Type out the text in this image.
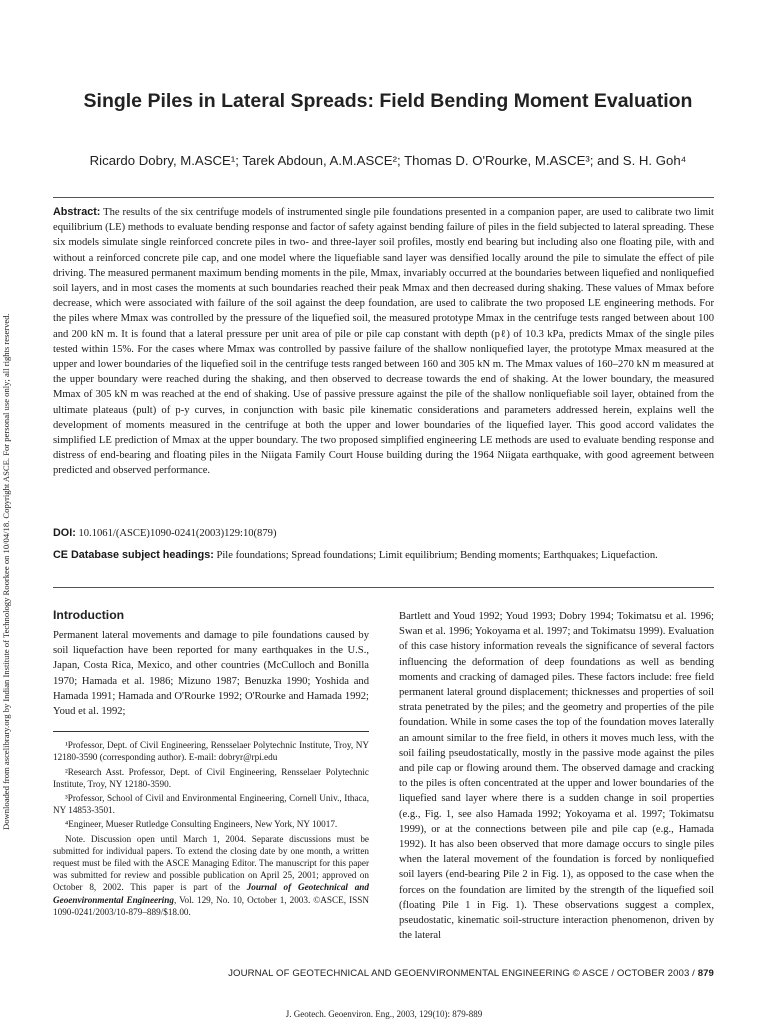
Downloaded from ascelibrary.org by Indian Institute of Technology Roorkee on 10/04/18. Copyright ASCE. For personal use only; all rights reserved.
Single Piles in Lateral Spreads: Field Bending Moment Evaluation
Ricardo Dobry, M.ASCE¹; Tarek Abdoun, A.M.ASCE²; Thomas D. O'Rourke, M.ASCE³; and S. H. Goh⁴

Abstract: The results of the six centrifuge models of instrumented single pile foundations presented in a companion paper, are used to calibrate two limit equilibrium (LE) methods to evaluate bending response and factor of safety against bending failure of piles in the field subjected to lateral spreading. These six models simulate single reinforced concrete piles in two- and three-layer soil profiles, mostly end bearing but including also one floating pile, with and without a reinforced concrete pile cap, and one model where the liquefiable sand layer was densified locally around the pile to simulate the effect of pile driving. The measured permanent maximum bending moments in the pile, Mmax, invariably occurred at the boundaries between liquefied and nonliquefied soil layers, and in most cases the moments at such boundaries reached their peak Mmax and then decreased during shaking. These values of Mmax before decrease, which were associated with failure of the soil against the deep foundation, are used to calibrate the two proposed LE engineering methods. For the piles where Mmax was controlled by the pressure of the liquefied soil, the measured prototype Mmax in the centrifuge tests ranged between about 100 and 200 kN m. It is found that a lateral pressure per unit area of pile or pile cap constant with depth (pℓ) of 10.3 kPa, predicts Mmax of the single piles tested within 15%. For the cases where Mmax was controlled by passive failure of the shallow nonliquefied layer, the prototype Mmax measured at the upper and lower boundaries of the liquefied soil in the centrifuge tests ranged between 160 and 305 kN m. The Mmax values of 160–270 kN m measured at the upper boundary were reached during the shaking, and then observed to decrease towards the end of shaking. At the lower boundary, the measured Mmax of 305 kN m was reached at the end of shaking. Use of passive pressure against the pile of the shallow nonliquefiable soil layer, obtained from the ultimate plateaus (pult) of p-y curves, in conjunction with basic pile kinematic considerations and parameters addressed herein, explains well the development of moments measured in the centrifuge at both the upper and lower boundaries of the liquefied layer. This good accord validates the simplified LE prediction of Mmax at the upper boundary. The two proposed simplified engineering LE methods are used to evaluate bending response and distress of end-bearing and floating piles in the Niigata Family Court House building during the 1964 Niigata earthquake, with good agreement between predicted and observed performance.

DOI: 10.1061/(ASCE)1090-0241(2003)129:10(879)

CE Database subject headings: Pile foundations; Spread foundations; Limit equilibrium; Bending moments; Earthquakes; Liquefaction.

Introduction

Permanent lateral movements and damage to pile foundations caused by soil liquefaction have been reported for many earthquakes in the U.S., Japan, Costa Rica, Mexico, and other countries (McCulloch and Bonilla 1970; Hamada et al. 1986; Mizuno 1987; Benuzka 1990; Yoshida and Hamada 1991; Hamada and O'Rourke 1992; O'Rourke and Hamada 1992; Youd et al. 1992;

¹Professor, Dept. of Civil Engineering, Rensselaer Polytechnic Institute, Troy, NY 12180-3590 (corresponding author). E-mail: dobryr@rpi.edu

²Research Asst. Professor, Dept. of Civil Engineering, Rensselaer Polytechnic Institute, Troy, NY 12180-3590.

³Professor, School of Civil and Environmental Engineering, Cornell Univ., Ithaca, NY 14853-3501.

⁴Engineer, Mueser Rutledge Consulting Engineers, New York, NY 10017.

Note. Discussion open until March 1, 2004. Separate discussions must be submitted for individual papers. To extend the closing date by one month, a written request must be filed with the ASCE Managing Editor. The manuscript for this paper was submitted for review and possible publication on April 25, 2001; approved on October 8, 2002. This paper is part of the Journal of Geotechnical and Geoenvironmental Engineering, Vol. 129, No. 10, October 1, 2003. ©ASCE, ISSN 1090-0241/2003/10-879–889/$18.00.

Bartlett and Youd 1992; Youd 1993; Dobry 1994; Tokimatsu et al. 1996; Swan et al. 1996; Yokoyama et al. 1997; and Tokimatsu 1999). Evaluation of this case history information reveals the significance of several factors influencing the deformation of deep foundations as well as bending moments and cracking of damaged piles. These factors include: free field permanent lateral ground displacement; thicknesses and properties of soil strata penetrated by the piles; and the geometry and properties of the pile foundation. While in some cases the top of the foundation moves laterally an amount similar to the free field, in others it moves much less, with the soil failing pseudostatically, mostly in the passive mode against the piles and pile cap or flowing around them. The observed damage and cracking to the piles is often concentrated at the upper and lower boundaries of the liquefied sand layer where there is a sudden change in soil properties (e.g., Fig. 1, see also Hamada 1992; Yokoyama et al. 1997; Tokimatsu 1999), or at the connections between pile and pile cap (e.g., Hamada 1992). It has also been observed that more damage occurs to single piles when the lateral movement of the foundation is forced by nonliquefied soil layers (end-bearing Pile 2 in Fig. 1), as opposed to the case when the forces on the foundation are limited by the strength of the liquefied soil (floating Pile 1 in Fig. 1). These observations suggest a complex, pseudostatic, kinematic soil-structure interaction phenomenon, driven by the lateral

JOURNAL OF GEOTECHNICAL AND GEOENVIRONMENTAL ENGINEERING © ASCE / OCTOBER 2003 / 879
J. Geotech. Geoenviron. Eng., 2003, 129(10): 879-889
